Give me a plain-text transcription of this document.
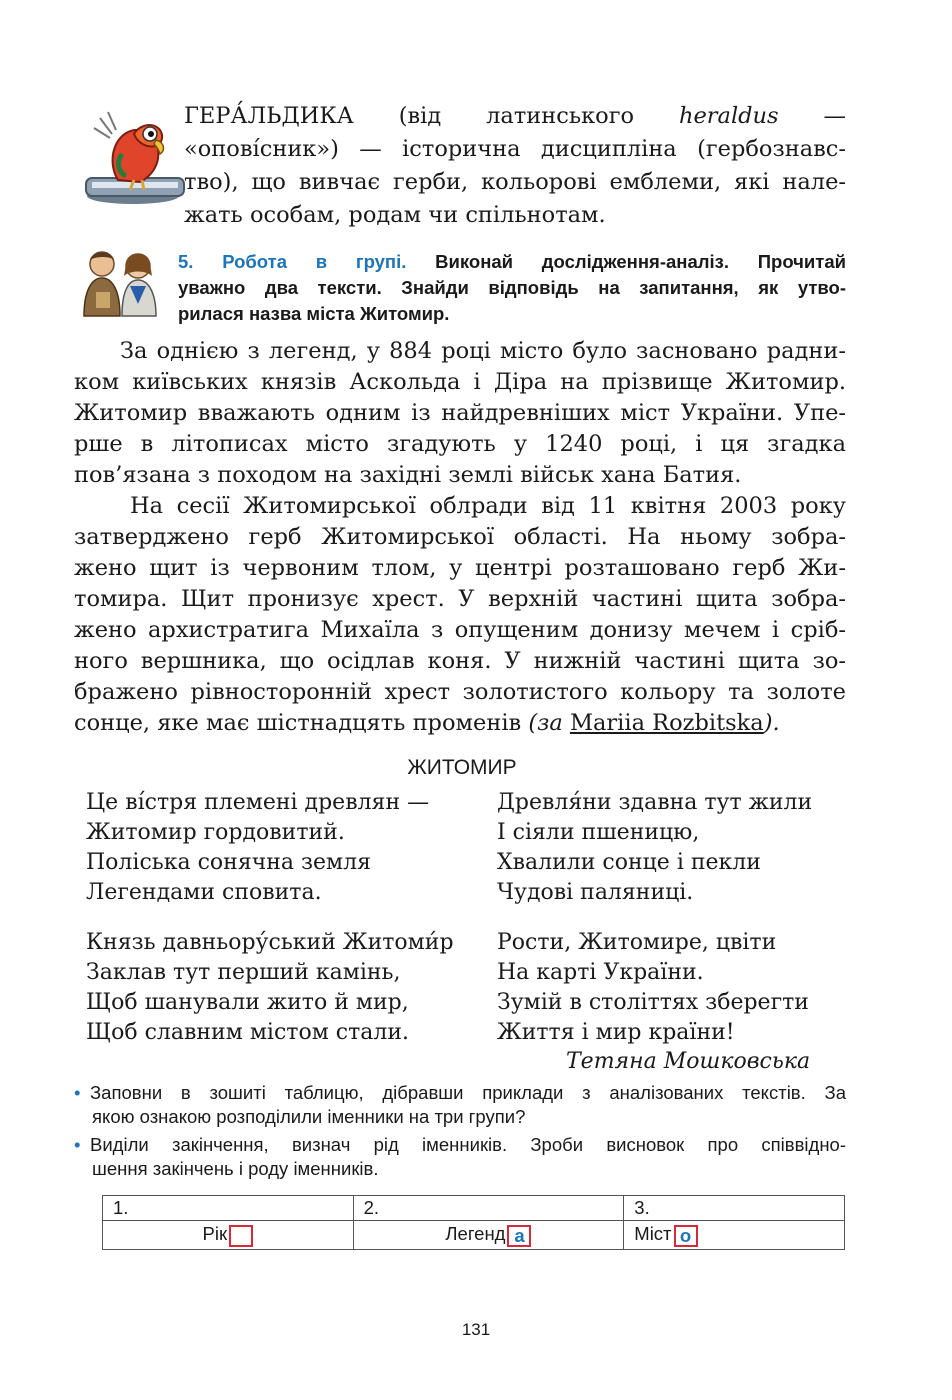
ГЕРА́ЛЬДИКА (від латинського heraldus —
«оповíсник») — історична дисципліна (гербознавс-
тво), що вивчає герби, кольорові емблеми, які нале-
жать особам, родам чи спільнотам.
5. Робота в групі. Виконай дослідження-аналіз. Прочитай
уважно два тексти. Знайди відповідь на запитання, як утво-
рилася назва міста Житомир.
За однією з легенд, у 884 році місто було засновано радни-
ком київських князів Аскольда і Діра на прізвище Житомир.
Житомир вважають одним із найдревніших міст України. Упе-
рше в літописах місто згадують у 1240 році, і ця згадка
пов’язана з походом на західні землі військ хана Батия.
На сесії Житомирської облради від 11 квітня 2003 року
затверджено герб Житомирської області. На ньому зобра-
жено щит із червоним тлом, у центрі розташовано герб Жи-
томира. Щит пронизує хрест. У верхній частині щита зобра-
жено архистратига Михаїла з опущеним донизу мечем і сріб-
ного вершника, що осідлав коня. У нижній частині щита зо-
бражено рівносторонній хрест золотистого кольору та золоте
сонце, яке має шістнадцять променів (за Mariia Rozbitska).
ЖИТОМИР
Це ві́стря племені древлян —
Житомир гордовитий.
Поліська сонячна земля
Легендами сповита.
Князь давньору́ський Житоми́р
Заклав тут перший камінь,
Щоб шанували жито й мир,
Щоб славним містом стали.
Древля́ни здавна тут жили
І сіяли пшеницю,
Хвалили сонце і пекли
Чудові паляниці.
Рости, Житомире, цвіти
На карті України.
Зумій в століттях зберегти
Життя і мир країни!
Тетяна Мошковська
• Заповни в зошиті таблицю, дібравши приклади з аналізованих текстів. За
якою ознакою розподілили іменники на три групи?
• Виділи закінчення, визнач рід іменників. Зроби висновок про співвідно-
шення закінчень і роду іменників.
1.	2.	3.
Рік	Легенд а	Міст о
131
